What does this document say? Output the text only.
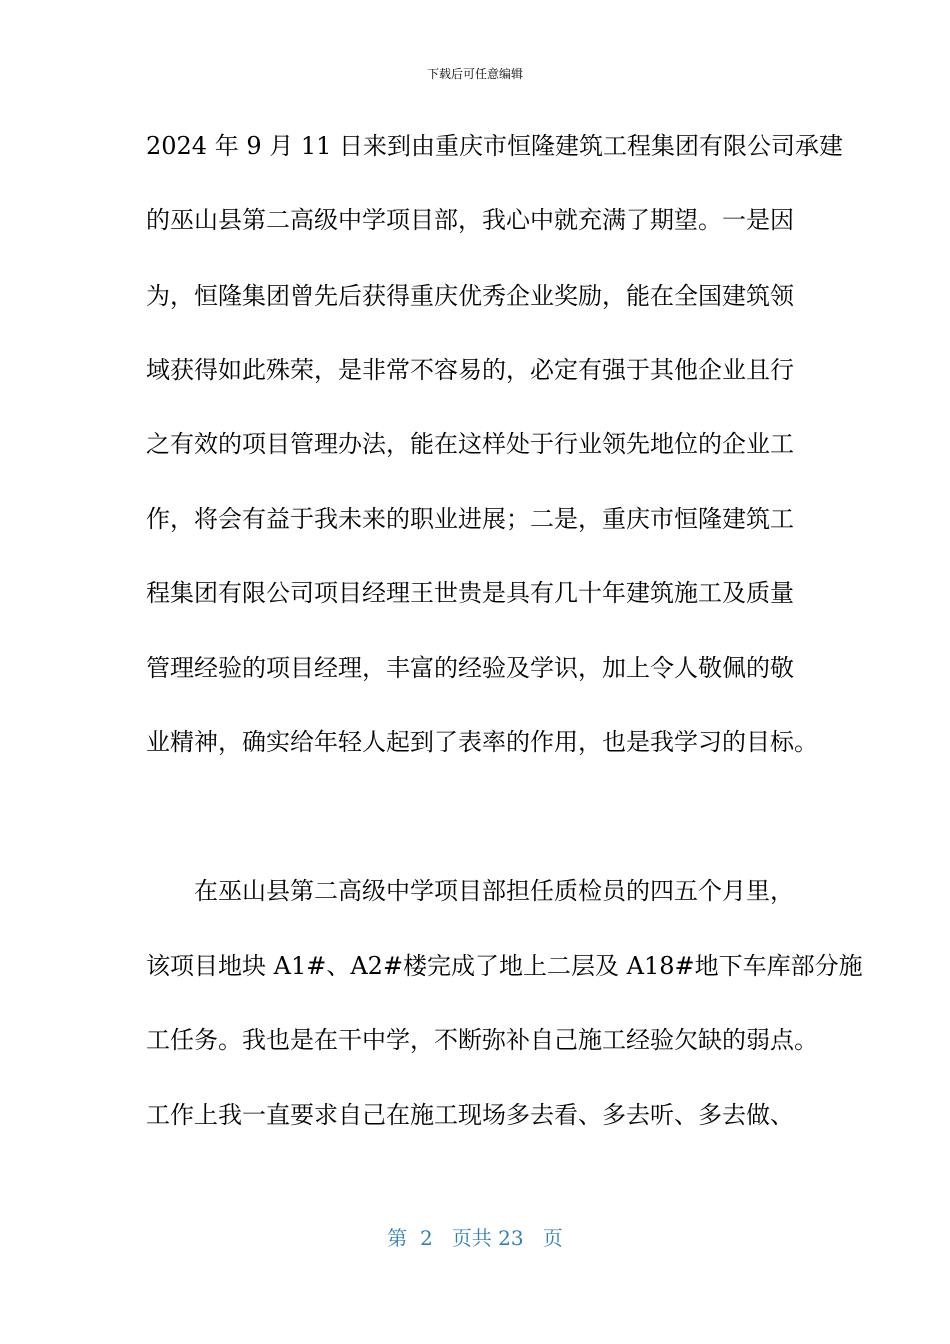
下载后可任意编辑
2024 年 9 月 11 日来到由重庆市恒隆建筑工程集团有限公司承建
的巫山县第二高级中学项目部，我心中就充满了期望。一是因
为，恒隆集团曾先后获得重庆优秀企业奖励，能在全国建筑领
域获得如此殊荣，是非常不容易的，必定有强于其他企业且行
之有效的项目管理办法，能在这样处于行业领先地位的企业工
作，将会有益于我未来的职业进展；二是，重庆市恒隆建筑工
程集团有限公司项目经理王世贵是具有几十年建筑施工及质量
管理经验的项目经理，丰富的经验及学识，加上令人敬佩的敬
业精神，确实给年轻人起到了表率的作用，也是我学习的目标。
在巫山县第二高级中学项目部担任质检员的四五个月里，
该项目地块 A1#、A2#楼完成了地上二层及 A18#地下车库部分施
工任务。我也是在干中学，不断弥补自己施工经验欠缺的弱点。
工作上我一直要求自己在施工现场多去看、多去听、多去做、
第 2 页共 23 页
